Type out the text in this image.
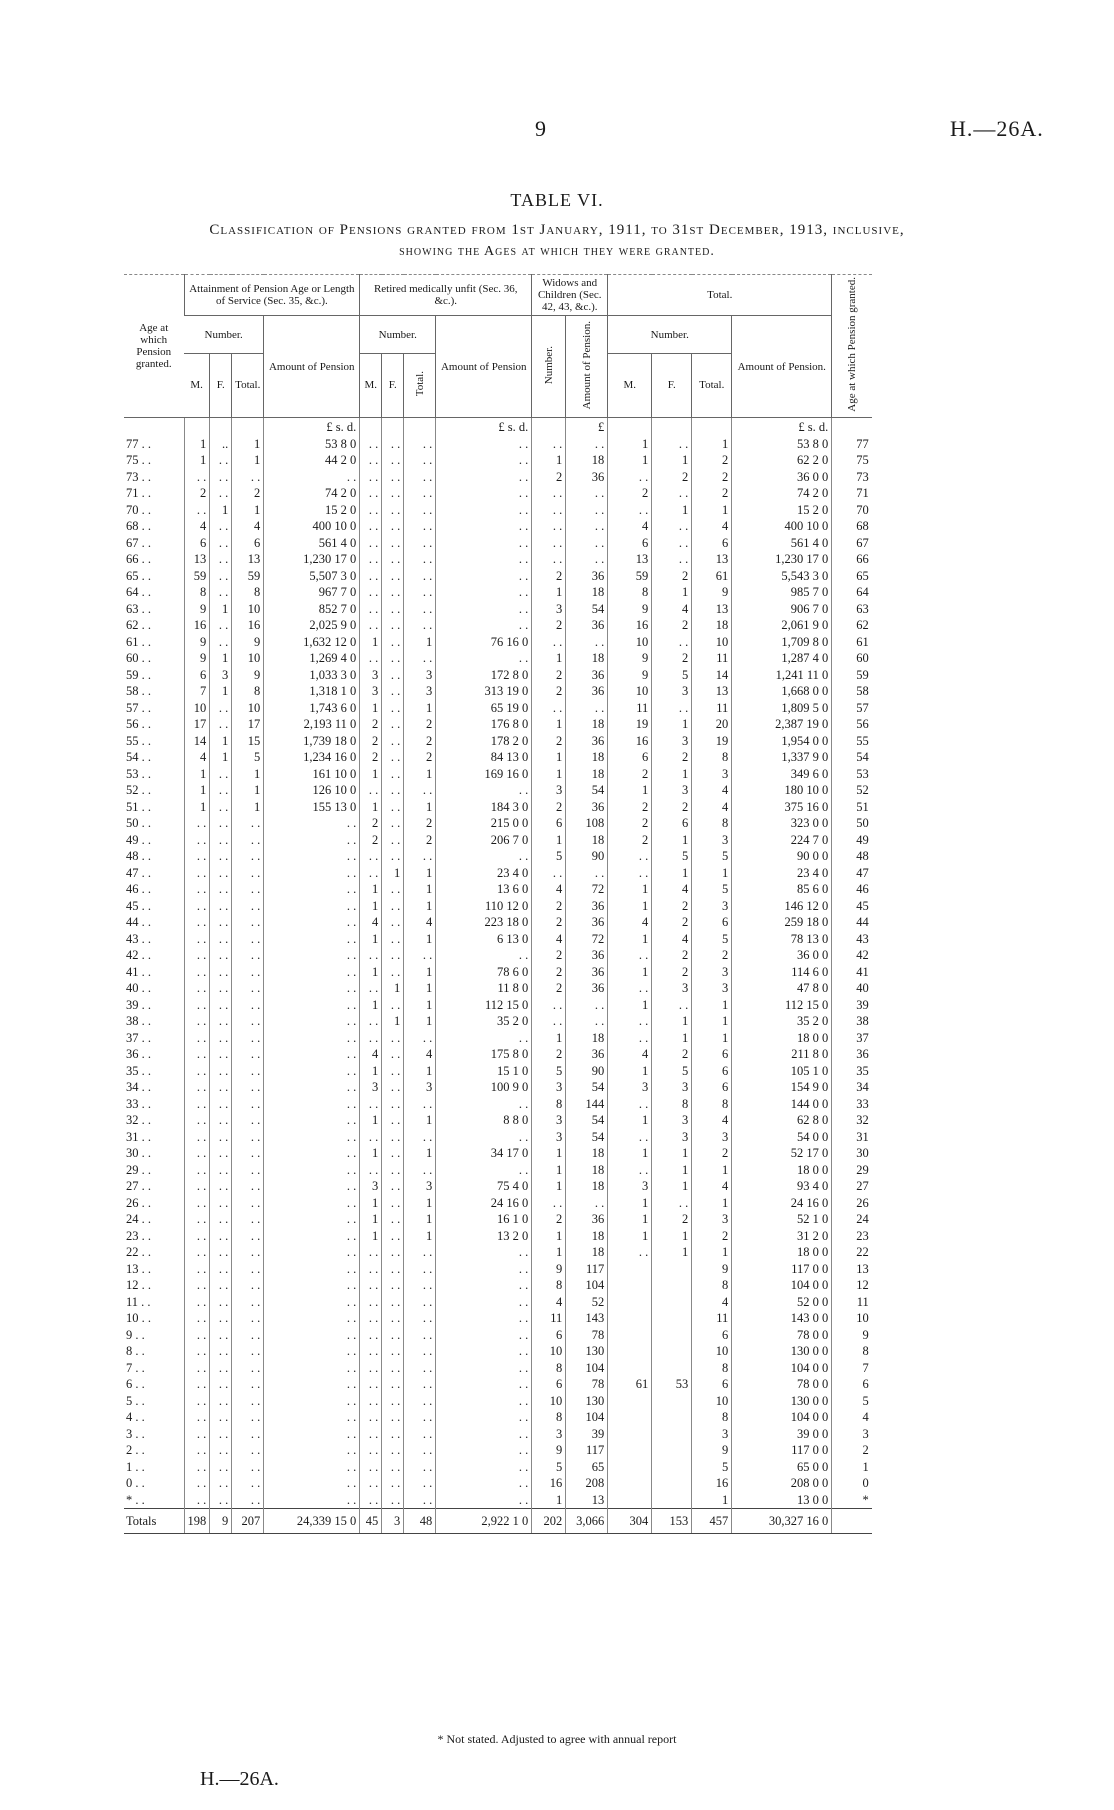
9	H.—26A.
TABLE VI.
Classification of Pensions granted from 1st January, 1911, to 31st December, 1913, inclusive,
showing the Ages at which they were granted.
Age at which Pension granted.	Attainment of Pension Age or Length of Service (Sec. 35, &c.).				Retired medically unfit (Sec. 36, &c.).				Widows and Children (Sec. 42, 43, &c.).		Total.				Age at which Pension granted.
	Number.			Amount of Pension	Number.			Amount of Pension	Number.	Amount of Pension.	Number.			Amount of Pension.	
	M.	F.	Total.		M.	F.	Total.				M.	F.	Total.		
				£ s. d.				£ s. d.		£				£ s. d.	
77 . .	1	..	1	53 8 0	. .	. .	. .	. .	. .	. .	1	. .	1	53 8 0	77
75 . .	1	. .	1	44 2 0	. .	. .	. .	. .	1	18	1	1	2	62 2 0	75
73 . .	. .	. .	. .	. .	. .	. .	. .	. .	2	36	. .	2	2	36 0 0	73
71 . .	2	. .	2	74 2 0	. .	. .	. .	. .	. .	. .	2	. .	2	74 2 0	71
70 . .	. .	1	1	15 2 0	. .	. .	. .	. .	. .	. .	. .	1	1	15 2 0	70
68 . .	4	. .	4	400 10 0	. .	. .	. .	. .	. .	. .	4	. .	4	400 10 0	68
67 . .	6	. .	6	561 4 0	. .	. .	. .	. .	. .	. .	6	. .	6	561 4 0	67
66 . .	13	. .	13	1,230 17 0	. .	. .	. .	. .	. .	. .	13	. .	13	1,230 17 0	66
65 . .	59	. .	59	5,507 3 0	. .	. .	. .	. .	2	36	59	2	61	5,543 3 0	65
64 . .	8	. .	8	967 7 0	. .	. .	. .	. .	1	18	8	1	9	985 7 0	64
63 . .	9	1	10	852 7 0	. .	. .	. .	. .	3	54	9	4	13	906 7 0	63
62 . .	16	. .	16	2,025 9 0	. .	. .	. .	. .	2	36	16	2	18	2,061 9 0	62
61 . .	9	. .	9	1,632 12 0	1	. .	1	76 16 0	. .	. .	10	. .	10	1,709 8 0	61
60 . .	9	1	10	1,269 4 0	. .	. .	. .	. .	1	18	9	2	11	1,287 4 0	60
59 . .	6	3	9	1,033 3 0	3	. .	3	172 8 0	2	36	9	5	14	1,241 11 0	59
58 . .	7	1	8	1,318 1 0	3	. .	3	313 19 0	2	36	10	3	13	1,668 0 0	58
57 . .	10	. .	10	1,743 6 0	1	. .	1	65 19 0	. .	. .	11	. .	11	1,809 5 0	57
56 . .	17	. .	17	2,193 11 0	2	. .	2	176 8 0	1	18	19	1	20	2,387 19 0	56
55 . .	14	1	15	1,739 18 0	2	. .	2	178 2 0	2	36	16	3	19	1,954 0 0	55
54 . .	4	1	5	1,234 16 0	2	. .	2	84 13 0	1	18	6	2	8	1,337 9 0	54
53 . .	1	. .	1	161 10 0	1	. .	1	169 16 0	1	18	2	1	3	349 6 0	53
52 . .	1	. .	1	126 10 0	. .	. .	. .	. .	3	54	1	3	4	180 10 0	52
51 . .	1	. .	1	155 13 0	1	. .	1	184 3 0	2	36	2	2	4	375 16 0	51
50 . .	. .	. .	. .	. .	2	. .	2	215 0 0	6	108	2	6	8	323 0 0	50
49 . .	. .	. .	. .	. .	2	. .	2	206 7 0	1	18	2	1	3	224 7 0	49
48 . .	. .	. .	. .	. .	. .	. .	. .	. .	5	90	. .	5	5	90 0 0	48
47 . .	. .	. .	. .	. .	. .	1	1	23 4 0	. .	. .	. .	1	1	23 4 0	47
46 . .	. .	. .	. .	. .	1	. .	1	13 6 0	4	72	1	4	5	85 6 0	46
45 . .	. .	. .	. .	. .	1	. .	1	110 12 0	2	36	1	2	3	146 12 0	45
44 . .	. .	. .	. .	. .	4	. .	4	223 18 0	2	36	4	2	6	259 18 0	44
43 . .	. .	. .	. .	. .	1	. .	1	6 13 0	4	72	1	4	5	78 13 0	43
42 . .	. .	. .	. .	. .	. .	. .	. .	. .	2	36	. .	2	2	36 0 0	42
41 . .	. .	. .	. .	. .	1	. .	1	78 6 0	2	36	1	2	3	114 6 0	41
40 . .	. .	. .	. .	. .	. .	1	1	11 8 0	2	36	. .	3	3	47 8 0	40
39 . .	. .	. .	. .	. .	1	. .	1	112 15 0	. .	. .	1	. .	1	112 15 0	39
38 . .	. .	. .	. .	. .	. .	1	1	35 2 0	. .	. .	. .	1	1	35 2 0	38
37 . .	. .	. .	. .	. .	. .	. .	. .	. .	1	18	. .	1	1	18 0 0	37
36 . .	. .	. .	. .	. .	4	. .	4	175 8 0	2	36	4	2	6	211 8 0	36
35 . .	. .	. .	. .	. .	1	. .	1	15 1 0	5	90	1	5	6	105 1 0	35
34 . .	. .	. .	. .	. .	3	. .	3	100 9 0	3	54	3	3	6	154 9 0	34
33 . .	. .	. .	. .	. .	. .	. .	. .	. .	8	144	. .	8	8	144 0 0	33
32 . .	. .	. .	. .	. .	1	. .	1	8 8 0	3	54	1	3	4	62 8 0	32
31 . .	. .	. .	. .	. .	. .	. .	. .	. .	3	54	. .	3	3	54 0 0	31
30 . .	. .	. .	. .	. .	1	. .	1	34 17 0	1	18	1	1	2	52 17 0	30
29 . .	. .	. .	. .	. .	. .	. .	. .	. .	1	18	. .	1	1	18 0 0	29
27 . .	. .	. .	. .	. .	3	. .	3	75 4 0	1	18	3	1	4	93 4 0	27
26 . .	. .	. .	. .	. .	1	. .	1	24 16 0	. .	. .	1	. .	1	24 16 0	26
24 . .	. .	. .	. .	. .	1	. .	1	16 1 0	2	36	1	2	3	52 1 0	24
23 . .	. .	. .	. .	. .	1	. .	1	13 2 0	1	18	1	1	2	31 2 0	23
22 . .	. .	. .	. .	. .	. .	. .	. .	. .	1	18	. .	1	1	18 0 0	22
13 . .	. .	. .	. .	. .	. .	. .	. .	. .	9	117			9	117 0 0	13
12 . .	. .	. .	. .	. .	. .	. .	. .	. .	8	104			8	104 0 0	12
11 . .	. .	. .	. .	. .	. .	. .	. .	. .	4	52			4	52 0 0	11
10 . .	. .	. .	. .	. .	. .	. .	. .	. .	11	143			11	143 0 0	10
9 . .	. .	. .	. .	. .	. .	. .	. .	. .	6	78			6	78 0 0	9
8 . .	. .	. .	. .	. .	. .	. .	. .	. .	10	130			10	130 0 0	8
7 . .	. .	. .	. .	. .	. .	. .	. .	. .	8	104			8	104 0 0	7
6 . .	. .	. .	. .	. .	. .	. .	. .	. .	6	78	61	53	6	78 0 0	6
5 . .	. .	. .	. .	. .	. .	. .	. .	. .	10	130			10	130 0 0	5
4 . .	. .	. .	. .	. .	. .	. .	. .	. .	8	104			8	104 0 0	4
3 . .	. .	. .	. .	. .	. .	. .	. .	. .	3	39			3	39 0 0	3
2 . .	. .	. .	. .	. .	. .	. .	. .	. .	9	117			9	117 0 0	2
1 . .	. .	. .	. .	. .	. .	. .	. .	. .	5	65			5	65 0 0	1
0 . .	. .	. .	. .	. .	. .	. .	. .	. .	16	208			16	208 0 0	0
* . .	. .	. .	. .	. .	. .	. .	. .	. .	1	13			1	13 0 0	*
Totals	198	9	207	24,339 15 0	45	3	48	2,922 1 0	202	3,066	304	153	457	30,327 16 0	
* Not stated. Adjusted to agree with annual report
H.—26A.
